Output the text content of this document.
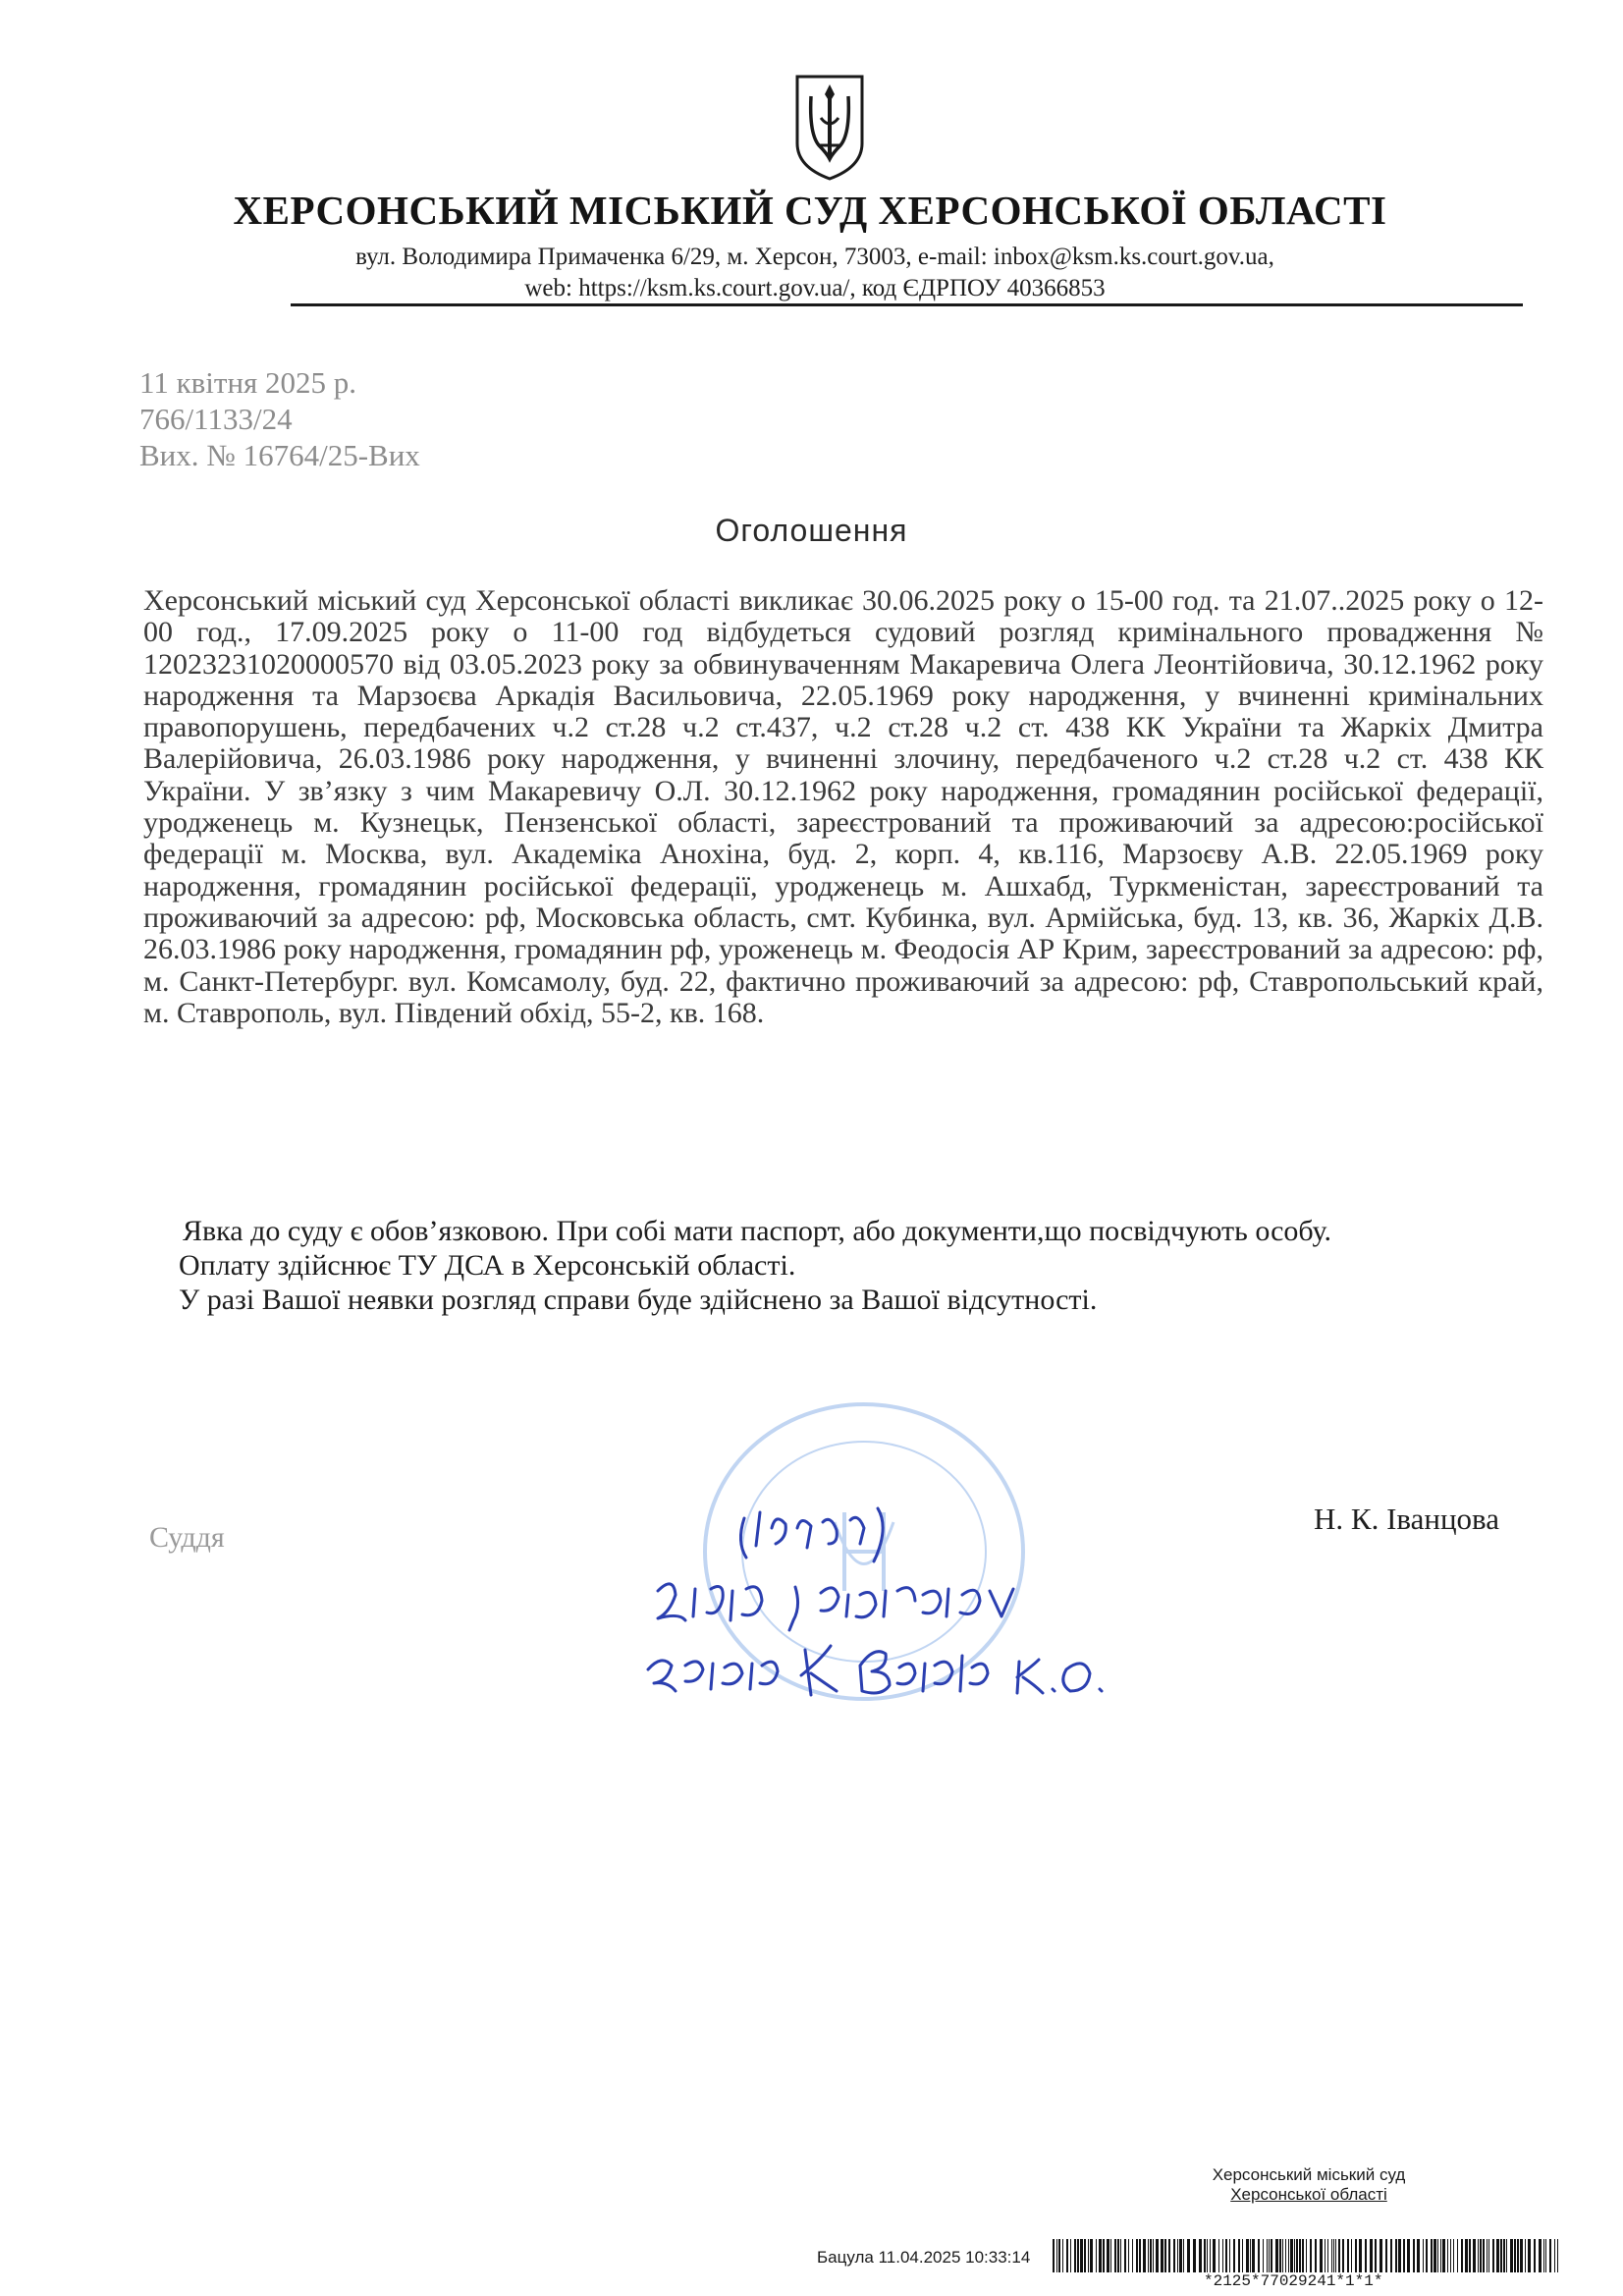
ХЕРСОНСЬКИЙ МІСЬКИЙ СУД ХЕРСОНСЬКОЇ ОБЛАСТІ
вул. Володимира Примаченка 6/29, м. Херсон, 73003, e-mail: inbox@ksm.ks.court.gov.ua,
web: https://ksm.ks.court.gov.ua/, код ЄДРПОУ 40366853
11 квітня 2025 р.
766/1133/24
Вих. № 16764/25-Вих
Оголошення
Херсонський міський суд Херсонської області викликає 30.06.2025 року о 15-00 год. та 21.07..2025 року о 12-00 год., 17.09.2025 року о 11-00 год відбудеться судовий розгляд кримінального провадження № 12023231020000570 від 03.05.2023 року за обвинуваченням Макаревича Олега Леонтійовича, 30.12.1962 року народження та Марзоєва Аркадія Васильовича, 22.05.1969 року народження, у вчиненні кримінальних правопорушень, передбачених ч.2 ст.28 ч.2 ст.437, ч.2 ст.28 ч.2 ст. 438 КК України та Жаркіх Дмитра Валерійовича, 26.03.1986 року народження, у вчиненні злочину, передбаченого ч.2 ст.28 ч.2 ст. 438 КК України. У зв’язку з чим Макаревичу О.Л. 30.12.1962 року народження, громадянин російської федерації, уродженець м. Кузнецьк, Пензенської області, зареєстрований та проживаючий за адресою:російської федерації м. Москва, вул. Академіка Анохіна, буд. 2, корп. 4, кв.116, Марзоєву А.В. 22.05.1969 року народження, громадянин російської федерації, уродженець м. Ашхабд, Туркменістан, зареєстрований та проживаючий за адресою: рф, Московська область, смт. Кубинка, вул. Армійська, буд. 13, кв. 36, Жаркіх Д.В. 26.03.1986 року народження, громадянин рф, уроженець м. Феодосія АР Крим, зареєстрований за адресою: рф, м. Санкт-Петербург. вул. Комсамолу, буд. 22, фактично проживаючий за адресою: рф, Ставропольський край, м. Ставрополь, вул. Південий обхід, 55-2, кв. 168.
Явка до суду є обов’язковою. При собі мати паспорт, або документи,що посвідчують особу.
Оплату здійснює ТУ ДСА в Херсонській області.
У разі Вашої неявки розгляд справи буде здійснено за Вашої відсутності.
Суддя
Н. К. Іванцова
Херсонський міський суд
Херсонської області
Бацула 11.04.2025 10:33:14
*2125*77029241*1*1*
